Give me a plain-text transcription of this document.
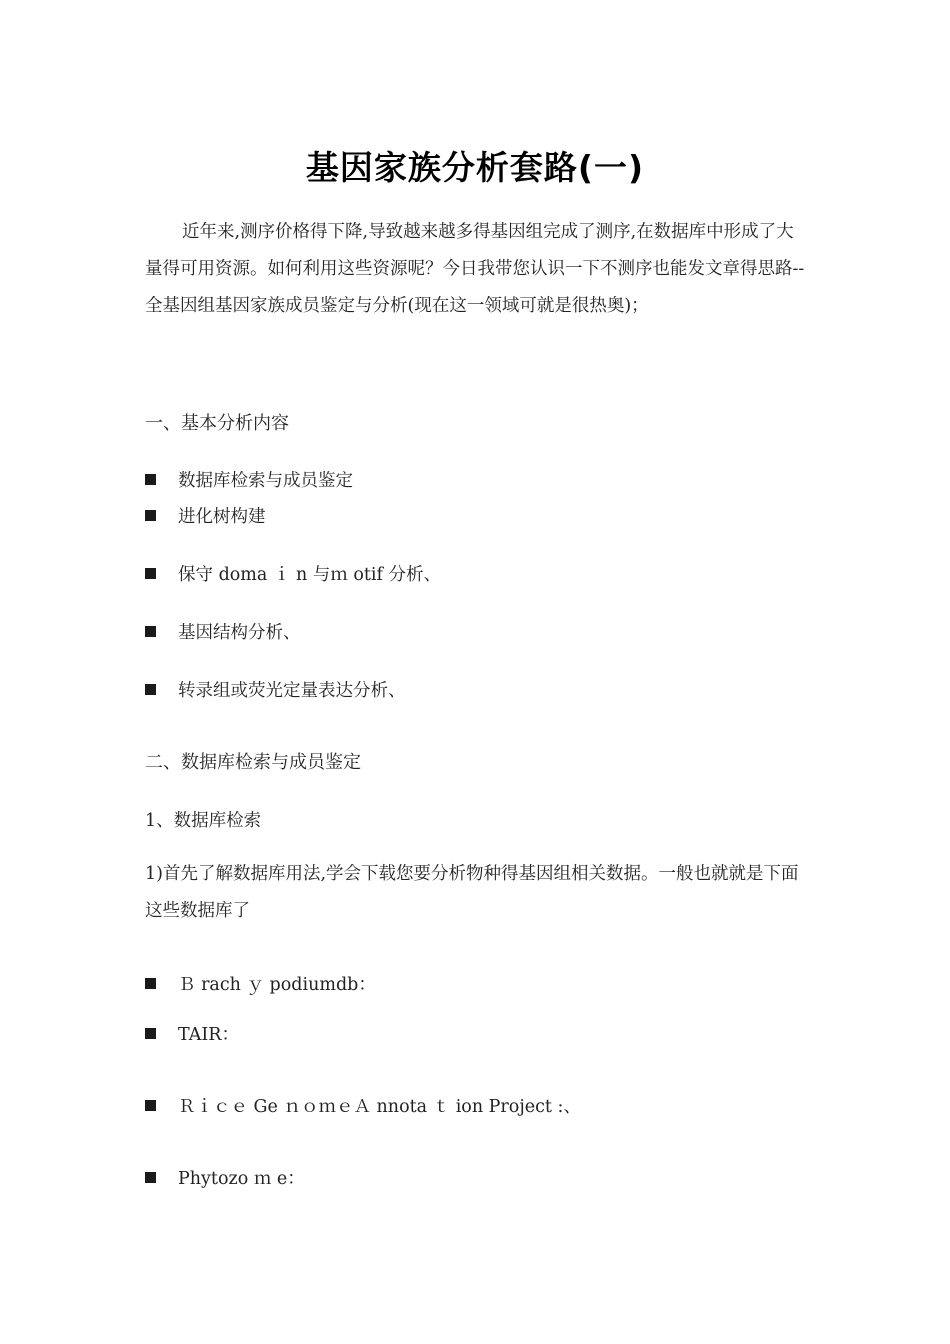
基因家族分析套路(一)
近年来,测序价格得下降,导致越来越多得基因组完成了测序,在数据库中形成了大量得可用资源。如何利用这些资源呢？今日我带您认识一下不测序也能发文章得思路--全基因组基因家族成员鉴定与分析(现在这一领域可就是很热奥)；
一、基本分析内容
数据库检索与成员鉴定
进化树构建
保守 doma ｉ n 与ｍ otif 分析、
基因结构分析、
转录组或荧光定量表达分析、
二、数据库检索与成员鉴定
1、数据库检索
1)首先了解数据库用法,学会下载您要分析物种得基因组相关数据。一般也就就是下面这些数据库了
Ｂ rach ｙ podiumdb：
TAIR：
Ｒｉｃｅ Ge ｎｏｍｅＡ nnota ｔ ion Project :、
Phytozo ｍ e：
